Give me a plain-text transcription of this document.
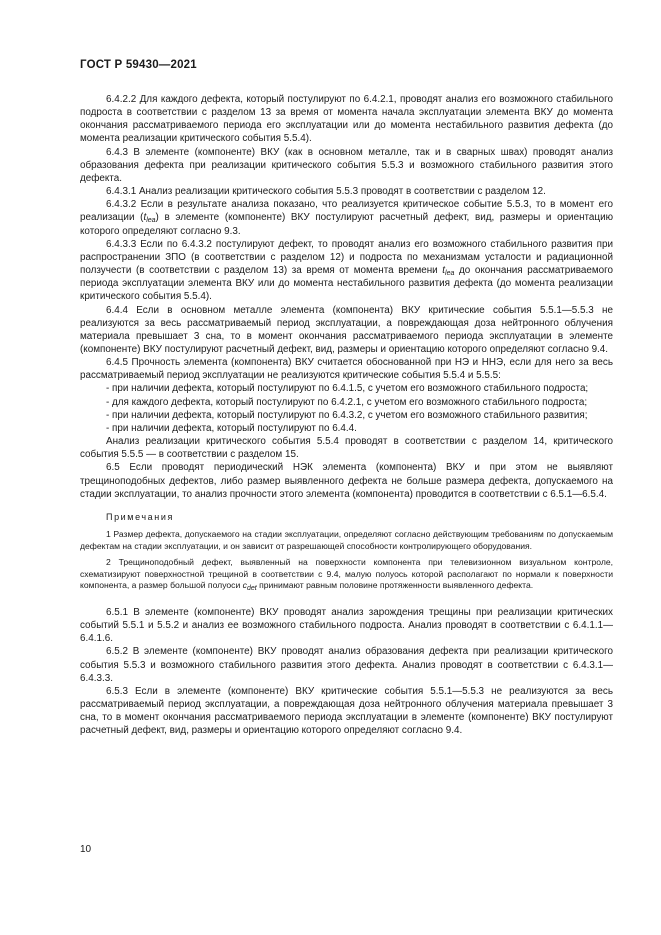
ГОСТ Р 59430—2021

6.4.2.2 Для каждого дефекта, который постулируют по 6.4.2.1, проводят анализ его возможного стабильного подроста в соответствии с разделом 13 за время от момента начала эксплуатации элемента ВКУ до момента окончания рассматриваемого периода его эксплуатации или до момента нестабильного развития дефекта (до момента реализации критического события 5.5.4).

6.4.3 В элементе (компоненте) ВКУ (как в основном металле, так и в сварных швах) проводят анализ образования дефекта при реализации критического события 5.5.3 и возможного стабильного развития этого дефекта.

6.4.3.1 Анализ реализации критического события 5.5.3 проводят в соответствии с разделом 12.

6.4.3.2 Если в результате анализа показано, что реализуется критическое событие 5.5.3, то в момент его реализации $(t_{lea})$ в элементе (компоненте) ВКУ постулируют расчетный дефект, вид, размеры и ориентацию которого определяют согласно 9.3.

6.4.3.3 Если по 6.4.3.2 постулируют дефект, то проводят анализ его возможного стабильного развития при распространении ЗПО (в соответствии с разделом 12) и подроста по механизмам усталости и радиационной ползучести (в соответствии с разделом 13) за время от момента времени $t_{lea}$ до окончания рассматриваемого периода эксплуатации элемента ВКУ или до момента нестабильного развития дефекта (до момента реализации критического события 5.5.4).

6.4.4 Если в основном металле элемента (компонента) ВКУ критические события 5.5.1—5.5.3 не реализуются за весь рассматриваемый период эксплуатации, а повреждающая доза нейтронного облучения материала превышает 3 сна, то в момент окончания рассматриваемого периода эксплуатации в элементе (компоненте) ВКУ постулируют расчетный дефект, вид, размеры и ориентацию которого определяют согласно 9.4.

6.4.5 Прочность элемента (компонента) ВКУ считается обоснованной при НЭ и ННЭ, если для него за весь рассматриваемый период эксплуатации не реализуются критические события 5.5.4 и 5.5.5:

- при наличии дефекта, который постулируют по 6.4.1.5, с учетом его возможного стабильного подроста;

- для каждого дефекта, который постулируют по 6.4.2.1, с учетом его возможного стабильного подроста;

- при наличии дефекта, который постулируют по 6.4.3.2, с учетом его возможного стабильного развития;

- при наличии дефекта, который постулируют по 6.4.4.

Анализ реализации критического события 5.5.4 проводят в соответствии с разделом 14, критического события 5.5.5 — в соответствии с разделом 15.

6.5 Если проводят периодический НЭК элемента (компонента) ВКУ и при этом не выявляют трещиноподобных дефектов, либо размер выявленного дефекта не больше размера дефекта, допускаемого на стадии эксплуатации, то анализ прочности этого элемента (компонента) проводится в соответствии с 6.5.1—6.5.4.

Примечания

1 Размер дефекта, допускаемого на стадии эксплуатации, определяют согласно действующим требованиям по допускаемым дефектам на стадии эксплуатации, и он зависит от разрешающей способности контролирующего оборудования.

2 Трещиноподобный дефект, выявленный на поверхности компонента при телевизионном визуальном контроле, схематизируют поверхностной трещиной в соответствии с 9.4, малую полуось которой располагают по нормали к поверхности компонента, а размер большой полуоси $c_{det}$ принимают равным половине протяженности выявленного дефекта.

6.5.1 В элементе (компоненте) ВКУ проводят анализ зарождения трещины при реализации критических событий 5.5.1 и 5.5.2 и анализ ее возможного стабильного подроста. Анализ проводят в соответствии с 6.4.1.1—6.4.1.6.

6.5.2 В элементе (компоненте) ВКУ проводят анализ образования дефекта при реализации критического события 5.5.3 и возможного стабильного развития этого дефекта. Анализ проводят в соответствии с 6.4.3.1—6.4.3.3.

6.5.3 Если в элементе (компоненте) ВКУ критические события 5.5.1—5.5.3 не реализуются за весь рассматриваемый период эксплуатации, а повреждающая доза нейтронного облучения материала превышает 3 сна, то в момент окончания рассматриваемого периода эксплуатации в элементе (компоненте) ВКУ постулируют расчетный дефект, вид, размеры и ориентацию которого определяют согласно 9.4.

10
